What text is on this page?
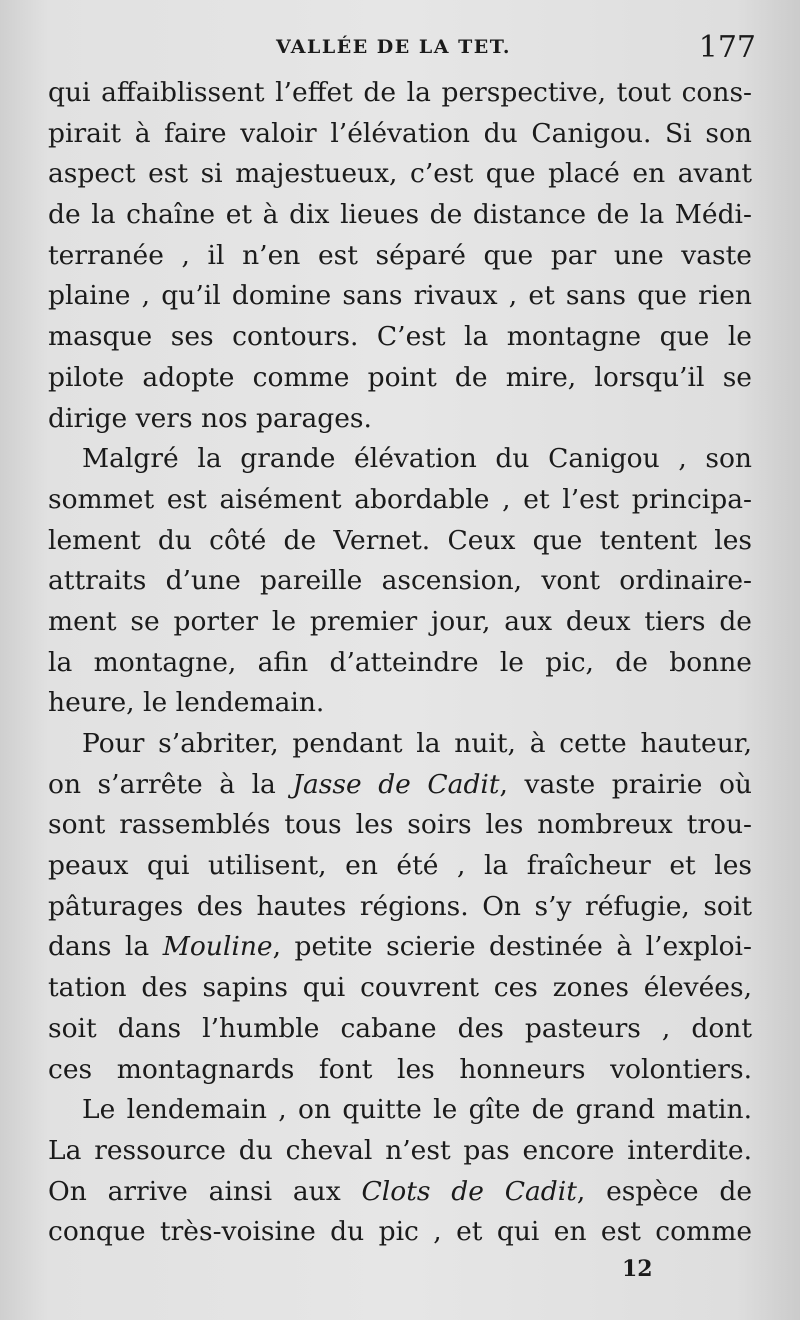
VALLÉE DE LA TET.	177
qui affaiblissent l’effet de la perspective, tout cons-
pirait à faire valoir l’élévation du Canigou. Si son
aspect est si majestueux, c’est que placé en avant
de la chaîne et à dix lieues de distance de la Médi-
terranée , il n’en est séparé que par une vaste
plaine , qu’il domine sans rivaux , et sans que rien
masque ses contours. C’est la montagne que le
pilote adopte comme point de mire, lorsqu’il se
dirige vers nos parages.
Malgré la grande élévation du Canigou , son
sommet est aisément abordable , et l’est principa-
lement du côté de Vernet. Ceux que tentent les
attraits d’une pareille ascension, vont ordinaire-
ment se porter le premier jour, aux deux tiers de
la montagne, afin d’atteindre le pic, de bonne
heure, le lendemain.
Pour s’abriter, pendant la nuit, à cette hauteur,
on s’arrête à la Jasse de Cadit, vaste prairie où
sont rassemblés tous les soirs les nombreux trou-
peaux qui utilisent, en été , la fraîcheur et les
pâturages des hautes régions. On s’y réfugie, soit
dans la Mouline, petite scierie destinée à l’exploi-
tation des sapins qui couvrent ces zones élevées,
soit dans l’humble cabane des pasteurs , dont
ces montagnards font les honneurs volontiers.
Le lendemain , on quitte le gîte de grand matin.
La ressource du cheval n’est pas encore interdite.
On arrive ainsi aux Clots de Cadit, espèce de
conque très-voisine du pic , et qui en est comme
12
